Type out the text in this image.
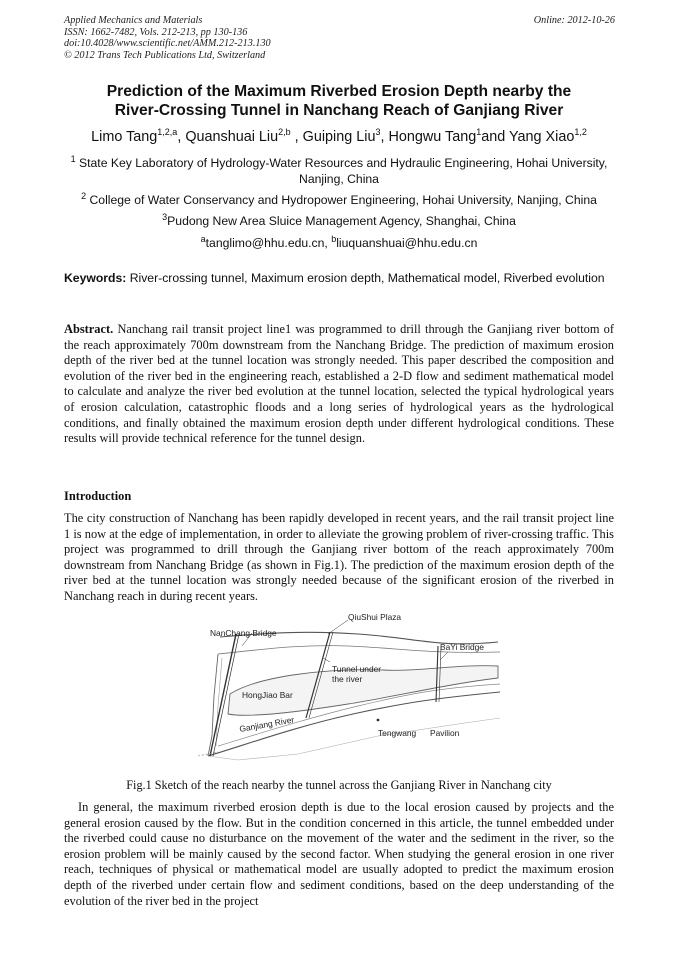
Applied Mechanics and Materials
ISSN: 1662-7482, Vols. 212-213, pp 130-136
doi:10.4028/www.scientific.net/AMM.212-213.130
© 2012 Trans Tech Publications Ltd, Switzerland
Online: 2012-10-26
Prediction of the Maximum Riverbed Erosion Depth nearby the
River-Crossing Tunnel in Nanchang Reach of Ganjiang River
Limo Tang$^{1,2,a}$, Quanshuai Liu$^{2,b}$ , Guiping Liu$^3$, Hongwu Tang$^1$and Yang Xiao$^{1,2}$
$^1$ State Key Laboratory of Hydrology-Water Resources and Hydraulic Engineering, Hohai University, Nanjing, China
$^2$ College of Water Conservancy and Hydropower Engineering, Hohai University, Nanjing, China
$^3$Pudong New Area Sluice Management Agency, Shanghai, China
$^a$tanglimo@hhu.edu.cn, $^b$liuquanshuai@hhu.edu.cn
Keywords: River-crossing tunnel, Maximum erosion depth, Mathematical model, Riverbed evolution
Abstract. Nanchang rail transit project line1 was programmed to drill through the Ganjiang river bottom of the reach approximately 700m downstream from the Nanchang Bridge. The prediction of maximum erosion depth of the river bed at the tunnel location was strongly needed. This paper described the composition and evolution of the river bed in the engineering reach, established a 2-D flow and sediment mathematical model to calculate and analyze the river bed evolution at the tunnel location, selected the typical hydrological years of erosion calculation, catastrophic floods and a long series of hydrological years as the hydrological conditions, and finally obtained the maximum erosion depth under different hydrological conditions. These results will provide technical reference for the tunnel design.
Introduction
The city construction of Nanchang has been rapidly developed in recent years, and the rail transit project line 1 is now at the edge of implementation, in order to alleviate the growing problem of river-crossing traffic. This project was programmed to drill through the Ganjiang river bottom of the reach approximately 700m downstream from Nanchang Bridge (as shown in Fig.1). The prediction of the maximum erosion depth of the river bed at the tunnel location was strongly needed because of the significant erosion of the riverbed in Nanchang reach in during recent years.
NanChang Bridge
QiuShui Plaza
BaYi Bridge
Tunnel under
the river
HongJiao Bar
Ganjiang River	Tengwang Pavilion
Fig.1 Sketch of the reach nearby the tunnel across the Ganjiang River in Nanchang city
In general, the maximum riverbed erosion depth is due to the local erosion caused by projects and the general erosion caused by the flow. But in the condition concerned in this article, the tunnel embedded under the riverbed could cause no disturbance on the movement of the water and the sediment in the river, so the erosion problem will be mainly caused by the second factor. When studying the general erosion in one river reach, techniques of physical or mathematical model are usually adopted to predict the maximum erosion depth of the riverbed under certain flow and sediment conditions, based on the deep understanding of the evolution of the river bed in the project
